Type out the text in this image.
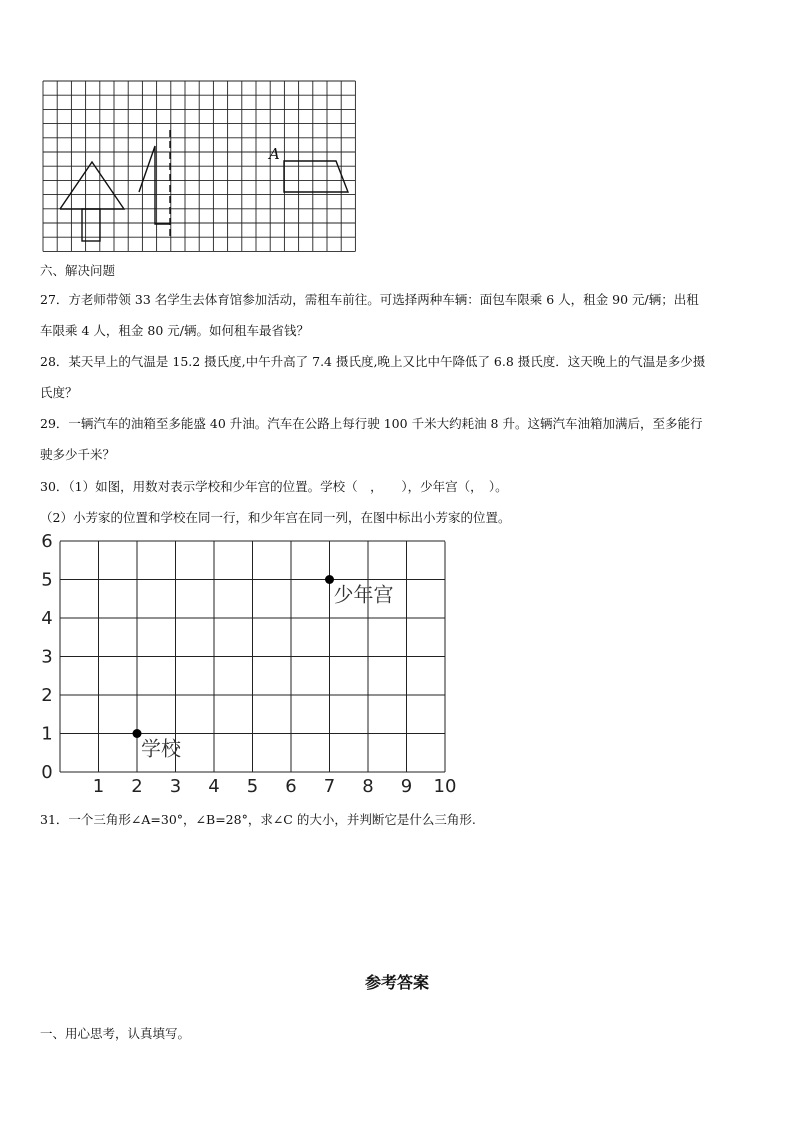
A
六、解决问题
27．方老师带领 33 名学生去体育馆参加活动，需租车前往。可选择两种车辆：面包车限乘 6 人，租金 90 元/辆；出租
车限乘 4 人，租金 80 元/辆。如何租车最省钱？
28．某天早上的气温是 15.2 摄氏度,中午升高了 7.4 摄氏度,晚上又比中午降低了 6.8 摄氏度．这天晚上的气温是多少摄
氏度？
29．一辆汽车的油箱至多能盛 40 升油。汽车在公路上每行驶 100 千米大约耗油 8 升。这辆汽车油箱加满后，至多能行
驶多少千米？
30．（1）如图，用数对表示学校和少年宫的位置。学校（　，　　），少年宫（，　）。
（2）小芳家的位置和学校在同一行，和少年宫在同一列，在图中标出小芳家的位置。
1 2 3 4 5 6 7 8 9 10
0
1
2
3
4
5
6
学校
少年宫
31．一个三角形∠A=30°，∠B=28°，求∠C 的大小，并判断它是什么三角形.
参考答案
一、用心思考，认真填写。
